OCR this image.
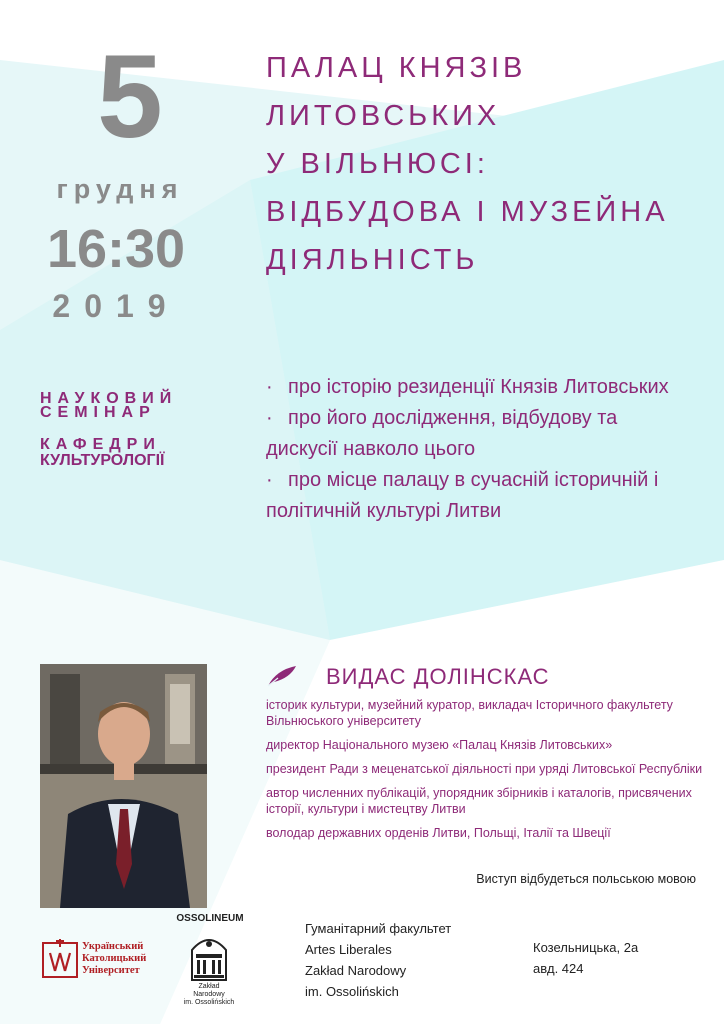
5
грудня
16:30
2019
ПАЛАЦ КНЯЗІВ
ЛИТОВСЬКИХ
У ВІЛЬНЮСІ:
ВІДБУДОВА І МУЗЕЙНА
ДІЯЛЬНІСТЬ
НАУКОВИЙ
СЕМІНАР
КАФЕДРИ
КУЛЬТУРОЛОГІЇ

· про історію резиденції Князів Литовських

· про його дослідження, відбудову та дискусії навколо цього

· про місце палацу в сучасній історичній і політичній культурі Литви

ВИДАС ДОЛІНСКАС

історик культури, музейний куратор, викладач Історичного факультету Вільнюського університету

директор Національного музею «Палац Князів Литовських»

президент Ради з меценатської діяльності при уряді Литовської Республіки

автор численних публікацій, упорядник збірників і каталогів, присвячених історії, культури і мистецтву Литви

володар державних орденів Литви, Польщі, Італії та Швеції

Виступ відбудеться польською мовою
Український
Католицький
Університет
OSSOLINEUM
Zakład
Narodowy
im. Ossolińskich
Гуманітарний факультет
Artes Liberales
Zakład Narodowy
im. Ossolińskich
Козельницька, 2а
авд. 424
